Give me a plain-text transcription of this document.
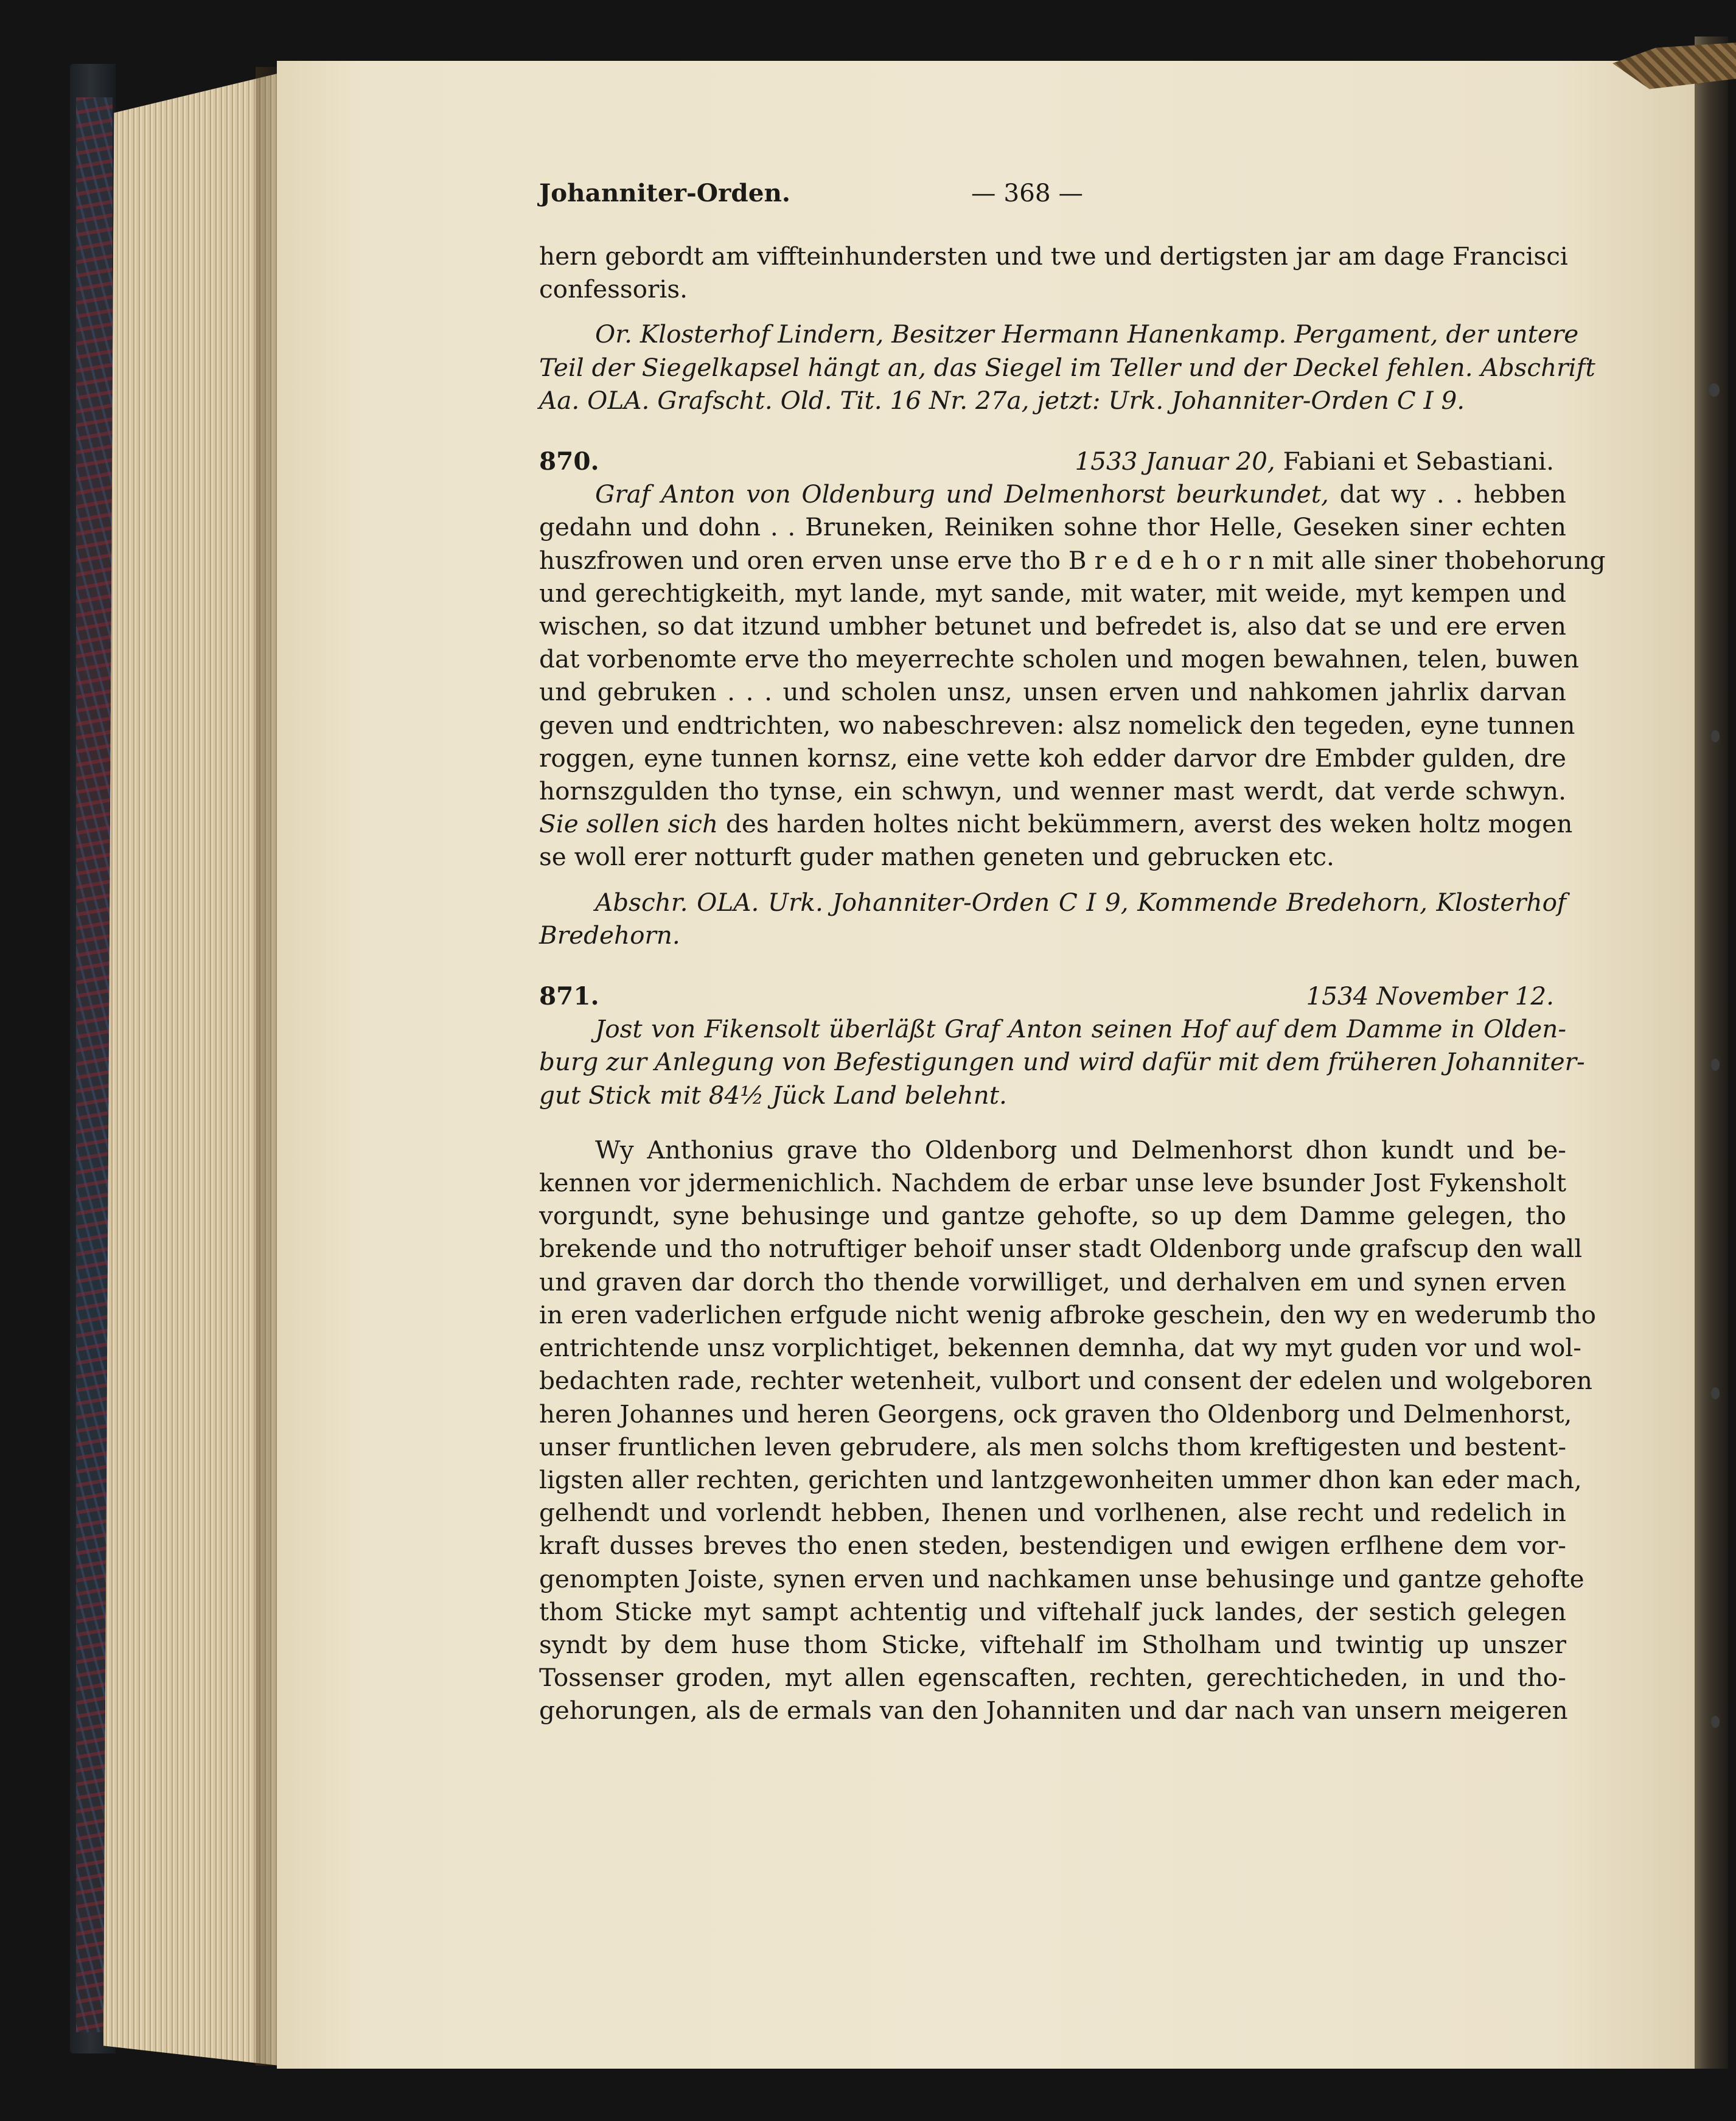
Johanniter-Orden.	— 368 —
hern gebordt am viffteinhundersten und twe und dertigsten jar am dage Francisci
confessoris.
Or. Klosterhof Lindern, Besitzer Hermann Hanenkamp. Pergament, der untere
Teil der Siegelkapsel hängt an, das Siegel im Teller und der Deckel fehlen. Abschrift
Aa. OLA. Grafscht. Old. Tit. 16 Nr. 27a, jetzt: Urk. Johanniter-Orden C I 9.
870.	1533 Januar 20, Fabiani et Sebastiani.
Graf Anton von Oldenburg und Delmenhorst beurkundet, dat wy . . hebben
gedahn und dohn . . Bruneken, Reiniken sohne thor Helle, Geseken siner echten
huszfrowen und oren erven unse erve tho B r e d e h o r n mit alle siner thobehorung
und gerechtigkeith, myt lande, myt sande, mit water, mit weide, myt kempen und
wischen, so dat itzund umbher betunet und befredet is, also dat se und ere erven
dat vorbenomte erve tho meyerrechte scholen und mogen bewahnen, telen, buwen
und gebruken . . . und scholen unsz, unsen erven und nahkomen jahrlix darvan
geven und endtrichten, wo nabeschreven: alsz nomelick den tegeden, eyne tunnen
roggen, eyne tunnen kornsz, eine vette koh edder darvor dre Embder gulden, dre
hornszgulden tho tynse, ein schwyn, und wenner mast werdt, dat verde schwyn.
Sie sollen sich des harden holtes nicht bekümmern, averst des weken holtz mogen
se woll erer notturft guder mathen geneten und gebrucken etc.
Abschr. OLA. Urk. Johanniter-Orden C I 9, Kommende Bredehorn, Klosterhof
Bredehorn.
871.	1534 November 12.
Jost von Fikensolt überläßt Graf Anton seinen Hof auf dem Damme in Olden-
burg zur Anlegung von Befestigungen und wird dafür mit dem früheren Johanniter-
gut Stick mit 84½ Jück Land belehnt.
Wy Anthonius grave tho Oldenborg und Delmenhorst dhon kundt und be-
kennen vor jdermenichlich. Nachdem de erbar unse leve bsunder Jost Fykensholt
vorgundt, syne behusinge und gantze gehofte, so up dem Damme gelegen, tho
brekende und tho notruftiger behoif unser stadt Oldenborg unde grafscup den wall
und graven dar dorch tho thende vorwilliget, und derhalven em und synen erven
in eren vaderlichen erfgude nicht wenig afbroke geschein, den wy en wederumb tho
entrichtende unsz vorplichtiget, bekennen demnha, dat wy myt guden vor und wol-
bedachten rade, rechter wetenheit, vulbort und consent der edelen und wolgeboren
heren Johannes und heren Georgens, ock graven tho Oldenborg und Delmenhorst,
unser fruntlichen leven gebrudere, als men solchs thom kreftigesten und bestent-
ligsten aller rechten, gerichten und lantzgewonheiten ummer dhon kan eder mach,
gelhendt und vorlendt hebben, Ihenen und vorlhenen, alse recht und redelich in
kraft dusses breves tho enen steden, bestendigen und ewigen erflhene dem vor-
genompten Joiste, synen erven und nachkamen unse behusinge und gantze gehofte
thom Sticke myt sampt achtentig und viftehalf juck landes, der sestich gelegen
syndt by dem huse thom Sticke, viftehalf im Stholham und twintig up unszer
Tossenser groden, myt allen egenscaften, rechten, gerechticheden, in und tho-
gehorungen, als de ermals van den Johanniten und dar nach van unsern meigeren
